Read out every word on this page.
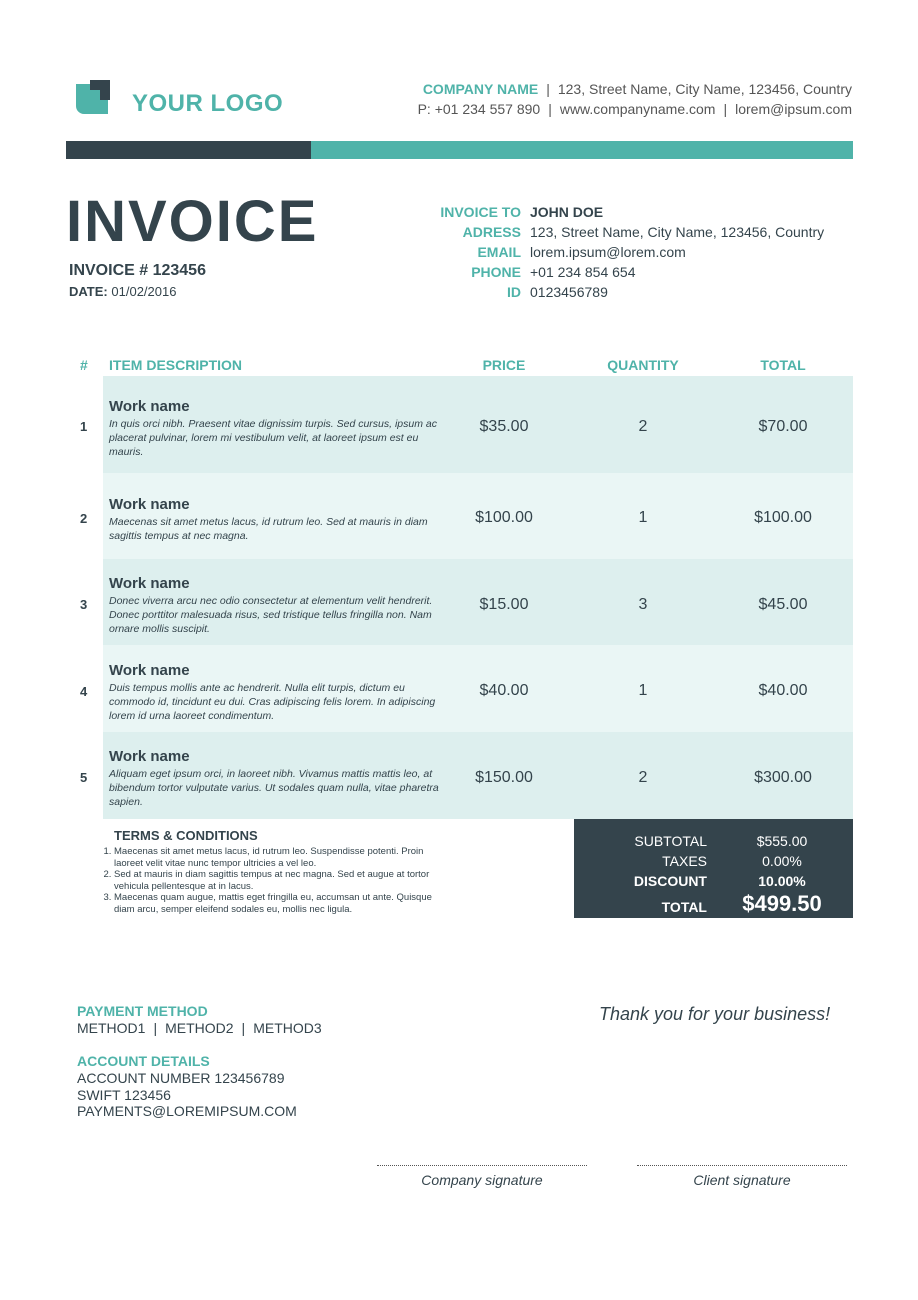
YOUR LOGO
COMPANY NAME | 123, Street Name, City Name, 123456, Country
P: +01 234 557 890 | www.companyname.com | lorem@ipsum.com
INVOICE
INVOICE # 123456
DATE: 01/02/2016
INVOICE TO JOHN DOE
ADRESS 123, Street Name, City Name, 123456, Country
EMAIL lorem.ipsum@lorem.com
PHONE +01 234 854 654
ID 0123456789
# ITEM DESCRIPTION	PRICE	QUANTITY	TOTAL
1
Work name
In quis orci nibh. Praesent vitae dignissim turpis. Sed cursus, ipsum ac placerat pulvinar, lorem mi vestibulum velit, at laoreet ipsum est eu mauris.
$35.00	2	$70.00
2
Work name
Maecenas sit amet metus lacus, id rutrum leo. Sed at mauris in diam sagittis tempus at nec magna.
$100.00	1	$100.00
3
Work name
Donec viverra arcu nec odio consectetur at elementum velit hendrerit. Donec porttitor malesuada risus, sed tristique tellus fringilla non. Nam ornare mollis suscipit.
$15.00	3	$45.00
4
Work name
Duis tempus mollis ante ac hendrerit. Nulla elit turpis, dictum eu commodo id, tincidunt eu dui. Cras adipiscing felis lorem. In adipiscing lorem id urna laoreet condimentum.
$40.00	1	$40.00
5
Work name
Aliquam eget ipsum orci, in laoreet nibh. Vivamus mattis mattis leo, at bibendum tortor vulputate varius. Ut sodales quam nulla, vitae pharetra sapien.
$150.00	2	$300.00
TERMS & CONDITIONS
1. Maecenas sit amet metus lacus, id rutrum leo. Suspendisse potenti. Proin laoreet velit vitae nunc tempor ultricies a vel leo.
2. Sed at mauris in diam sagittis tempus at nec magna. Sed et augue at tortor vehicula pellentesque at in lacus.
3. Maecenas quam augue, mattis eget fringilla eu, accumsan ut ante. Quisque diam arcu, semper eleifend sodales eu, mollis nec ligula.
SUBTOTAL	$555.00
TAXES	0.00%
DISCOUNT	10.00%
TOTAL	$499.50
PAYMENT METHOD
METHOD1 | METHOD2 | METHOD3
ACCOUNT DETAILS
ACCOUNT NUMBER 123456789
SWIFT 123456
PAYMENTS@LOREMIPSUM.COM
Thank you for your business!
Company signature	Client signature
